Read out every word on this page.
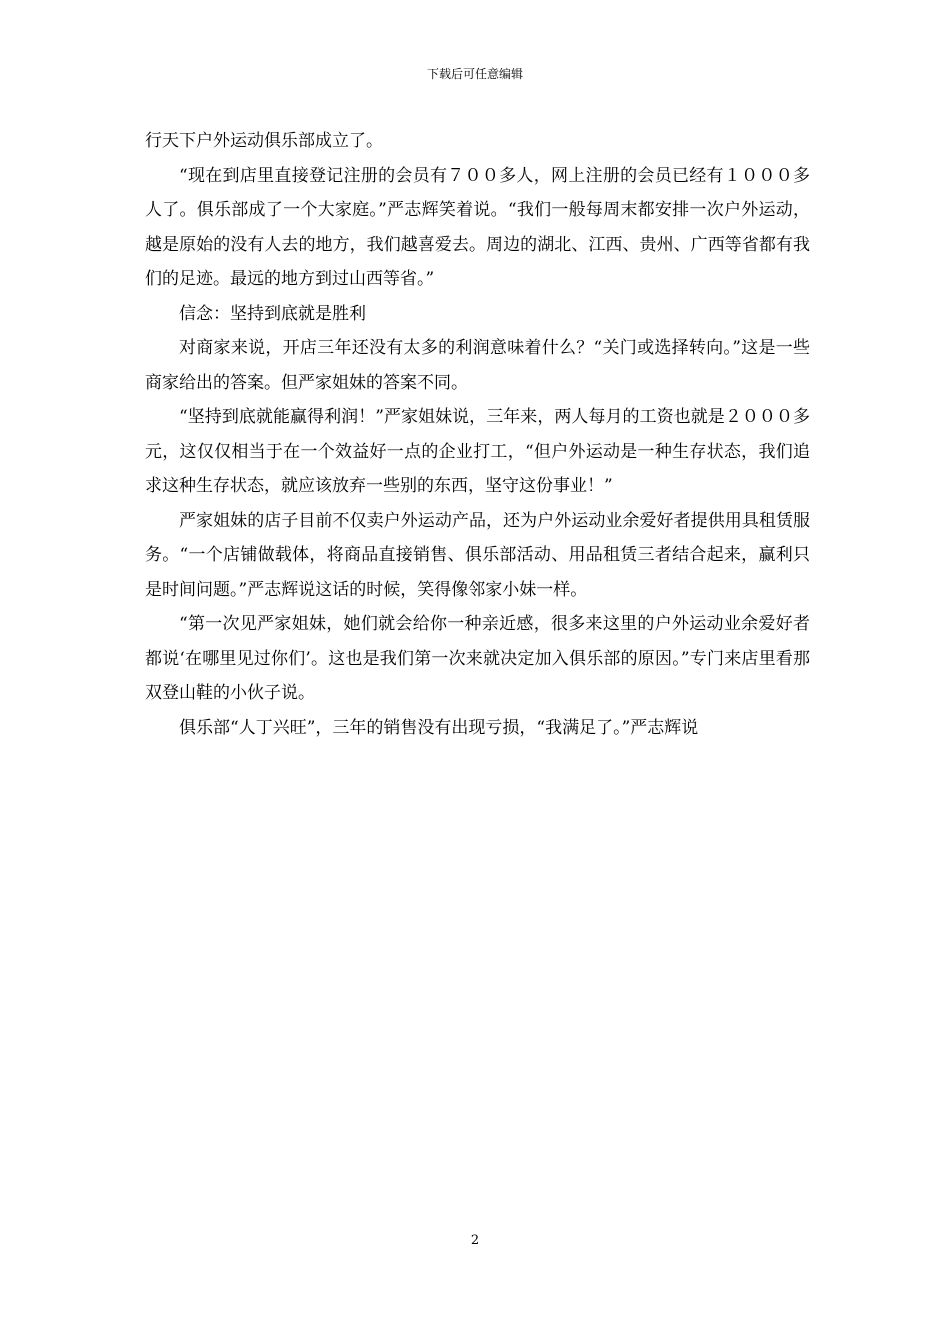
下载后可任意编辑

行天下户外运动俱乐部成立了。

“现在到店里直接登记注册的会员有７００多人，网上注册的会员已经有１０００多人了。俱乐部成了一个大家庭。”严志辉笑着说。“我们一般每周末都安排一次户外运动，越是原始的没有人去的地方，我们越喜爱去。周边的湖北、江西、贵州、广西等省都有我们的足迹。最远的地方到过山西等省。”

信念：坚持到底就是胜利

对商家来说，开店三年还没有太多的利润意味着什么？“关门或选择转向。”这是一些商家给出的答案。但严家姐妹的答案不同。

“坚持到底就能赢得利润！”严家姐妹说，三年来，两人每月的工资也就是２０００多元，这仅仅相当于在一个效益好一点的企业打工，“但户外运动是一种生存状态，我们追求这种生存状态，就应该放弃一些别的东西，坚守这份事业！”

严家姐妹的店子目前不仅卖户外运动产品，还为户外运动业余爱好者提供用具租赁服务。“一个店铺做载体，将商品直接销售、俱乐部活动、用品租赁三者结合起来，赢利只是时间问题。”严志辉说这话的时候，笑得像邻家小妹一样。

“第一次见严家姐妹，她们就会给你一种亲近感，很多来这里的户外运动业余爱好者都说‘在哪里见过你们’。这也是我们第一次来就决定加入俱乐部的原因。”专门来店里看那双登山鞋的小伙子说。

俱乐部“人丁兴旺”，三年的销售没有出现亏损，“我满足了。”严志辉说

2
